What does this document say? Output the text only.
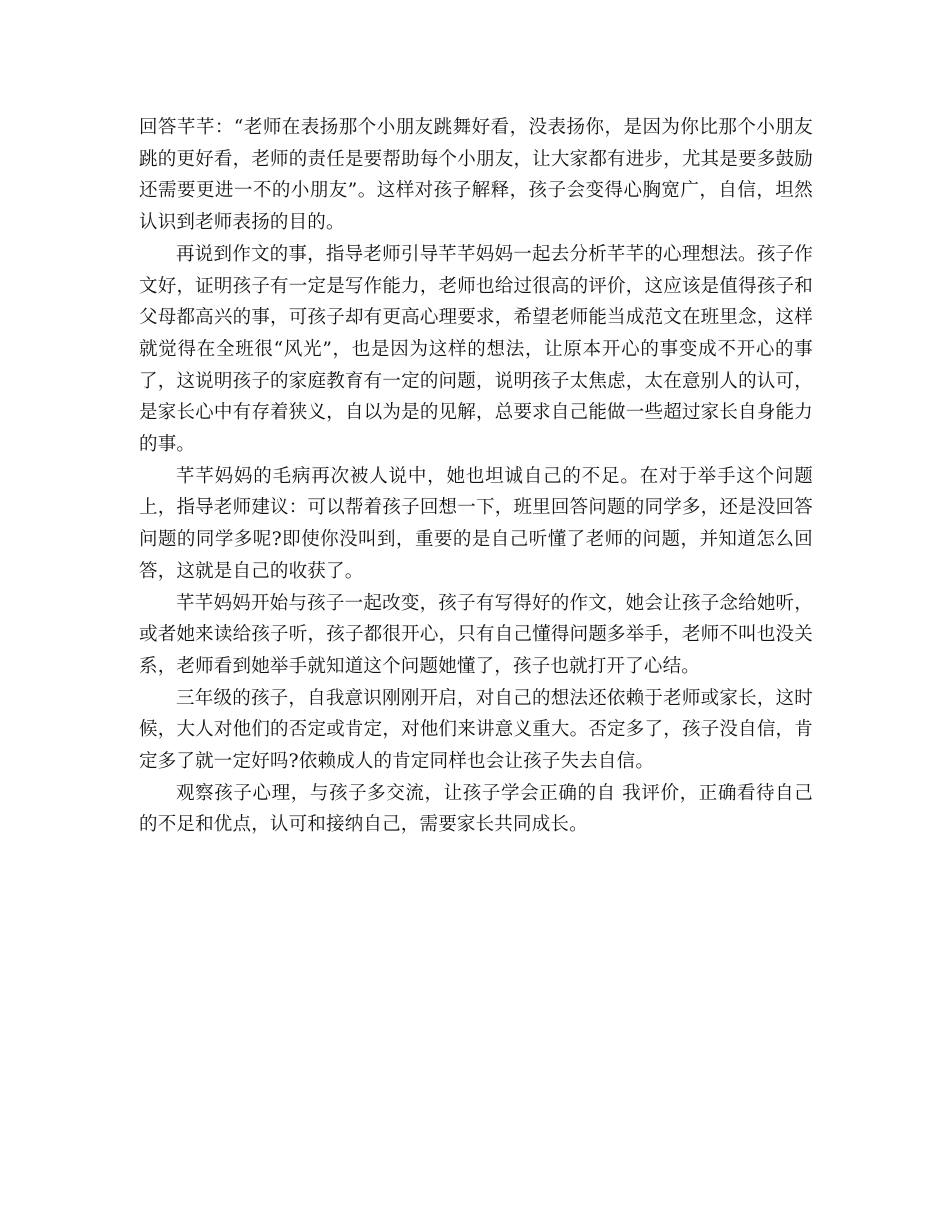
回答芊芊：“老师在表扬那个小朋友跳舞好看，没表扬你，是因为你比那个小朋友跳的更好看，老师的责任是要帮助每个小朋友，让大家都有进步，尤其是要多鼓励还需要更进一不的小朋友”。这样对孩子解释，孩子会变得心胸宽广，自信，坦然认识到老师表扬的目的。

再说到作文的事，指导老师引导芊芊妈妈一起去分析芊芊的心理想法。孩子作文好，证明孩子有一定是写作能力，老师也给过很高的评价，这应该是值得孩子和父母都高兴的事，可孩子却有更高心理要求，希望老师能当成范文在班里念，这样就觉得在全班很“风光”，也是因为这样的想法，让原本开心的事变成不开心的事了，这说明孩子的家庭教育有一定的问题，说明孩子太焦虑，太在意别人的认可，是家长心中有存着狭义，自以为是的见解，总要求自己能做一些超过家长自身能力的事。

芊芊妈妈的毛病再次被人说中，她也坦诚自己的不足。在对于举手这个问题上，指导老师建议：可以帮着孩子回想一下，班里回答问题的同学多，还是没回答问题的同学多呢?即使你没叫到，重要的是自己听懂了老师的问题，并知道怎么回答，这就是自己的收获了。

芊芊妈妈开始与孩子一起改变，孩子有写得好的作文，她会让孩子念给她听，或者她来读给孩子听，孩子都很开心，只有自己懂得问题多举手，老师不叫也没关系，老师看到她举手就知道这个问题她懂了，孩子也就打开了心结。

三年级的孩子，自我意识刚刚开启，对自己的想法还依赖于老师或家长，这时候，大人对他们的否定或肯定，对他们来讲意义重大。否定多了，孩子没自信，肯定多了就一定好吗?依赖成人的肯定同样也会让孩子失去自信。

观察孩子心理，与孩子多交流，让孩子学会正确的自 我评价，正确看待自己的不足和优点，认可和接纳自己，需要家长共同成长。
